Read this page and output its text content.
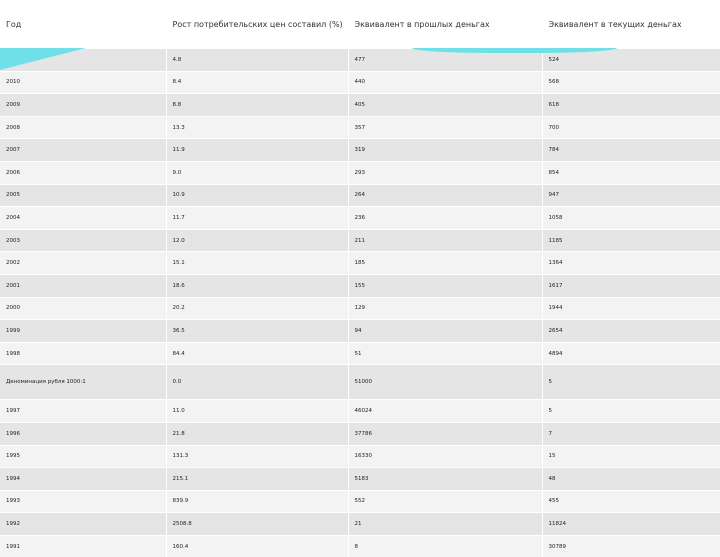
Год	Рост потребительских цен составил (%)	Эквивалент в прошлых деньгах	Эквивалент в текущих деньгах
2011	4.8	477	524
2010	8.4	440	568
2009	8.8	405	618
2008	13.3	357	700
2007	11.9	319	784
2006	9.0	293	854
2005	10.9	264	947
2004	11.7	236	1058
2003	12.0	211	1185
2002	15.1	185	1364
2001	18.6	155	1617
2000	20.2	129	1944
1999	36.5	94	2654
1998	84.4	51	4894
Деноминация рубля 1000:1	0.0	51000	5
1997	11.0	46024	5
1996	21.8	37786	7
1995	131.3	16330	15
1994	215.1	5183	48
1993	839.9	552	455
1992	2508.8	21	11824
1991	160.4	8	30789
